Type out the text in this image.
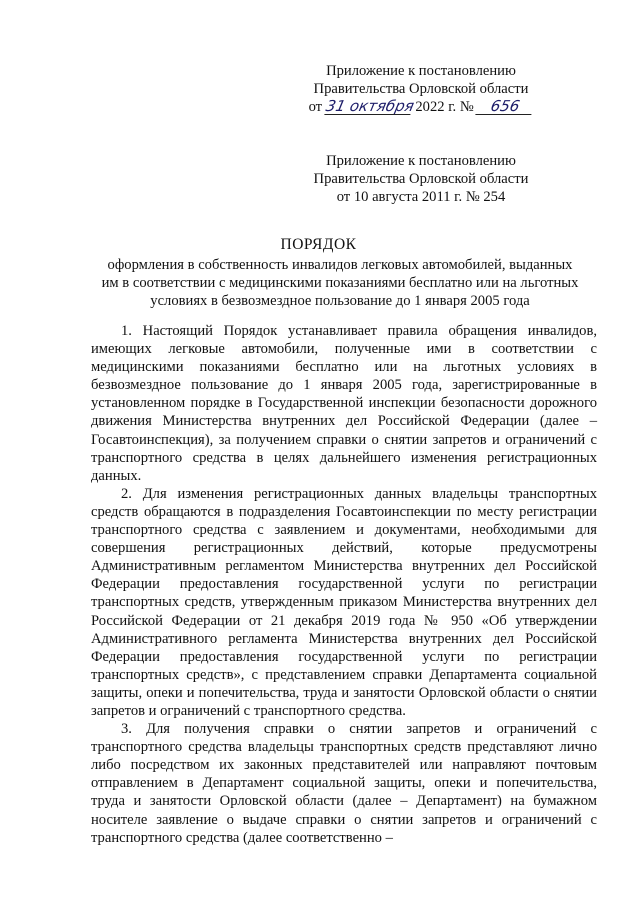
Приложение к постановлению
Правительства Орловской области
от 31 октября 2022 г. № 656
Приложение к постановлению
Правительства Орловской области
от 10 августа 2011 г. № 254
ПОРЯДОК
оформления в собственность инвалидов легковых автомобилей, выданных им в соответствии с медицинскими показаниями бесплатно или на льготных условиях в безвозмездное пользование до 1 января 2005 года

1. Настоящий Порядок устанавливает правила обращения инвалидов, имеющих легковые автомобили, полученные ими в соответствии с медицинскими показаниями бесплатно или на льготных условиях в безвозмездное пользование до 1 января 2005 года, зарегистрированные в установленном порядке в Государственной инспекции безопасности дорожного движения Министерства внутренних дел Российской Федерации (далее – Госавтоинспекция), за получением справки о снятии запретов и ограничений с транспортного средства в целях дальнейшего изменения регистрационных данных.

2. Для изменения регистрационных данных владельцы транспортных средств обращаются в подразделения Госавтоинспекции по месту регистрации транспортного средства с заявлением и документами, необходимыми для совершения регистрационных действий, которые предусмотрены Административным регламентом Министерства внутренних дел Российской Федерации предоставления государственной услуги по регистрации транспортных средств, утвержденным приказом Министерства внутренних дел Российской Федерации от 21 декабря 2019 года № 950 «Об утверждении Административного регламента Министерства внутренних дел Российской Федерации предоставления государственной услуги по регистрации транспортных средств», с представлением справки Департамента социальной защиты, опеки и попечительства, труда и занятости Орловской области о снятии запретов и ограничений с транспортного средства.

3. Для получения справки о снятии запретов и ограничений с транспортного средства владельцы транспортных средств представляют лично либо посредством их законных представителей или направляют почтовым отправлением в Департамент социальной защиты, опеки и попечительства, труда и занятости Орловской области (далее – Департамент) на бумажном носителе заявление о выдаче справки о снятии запретов и ограничений с транспортного средства (далее соответственно –
